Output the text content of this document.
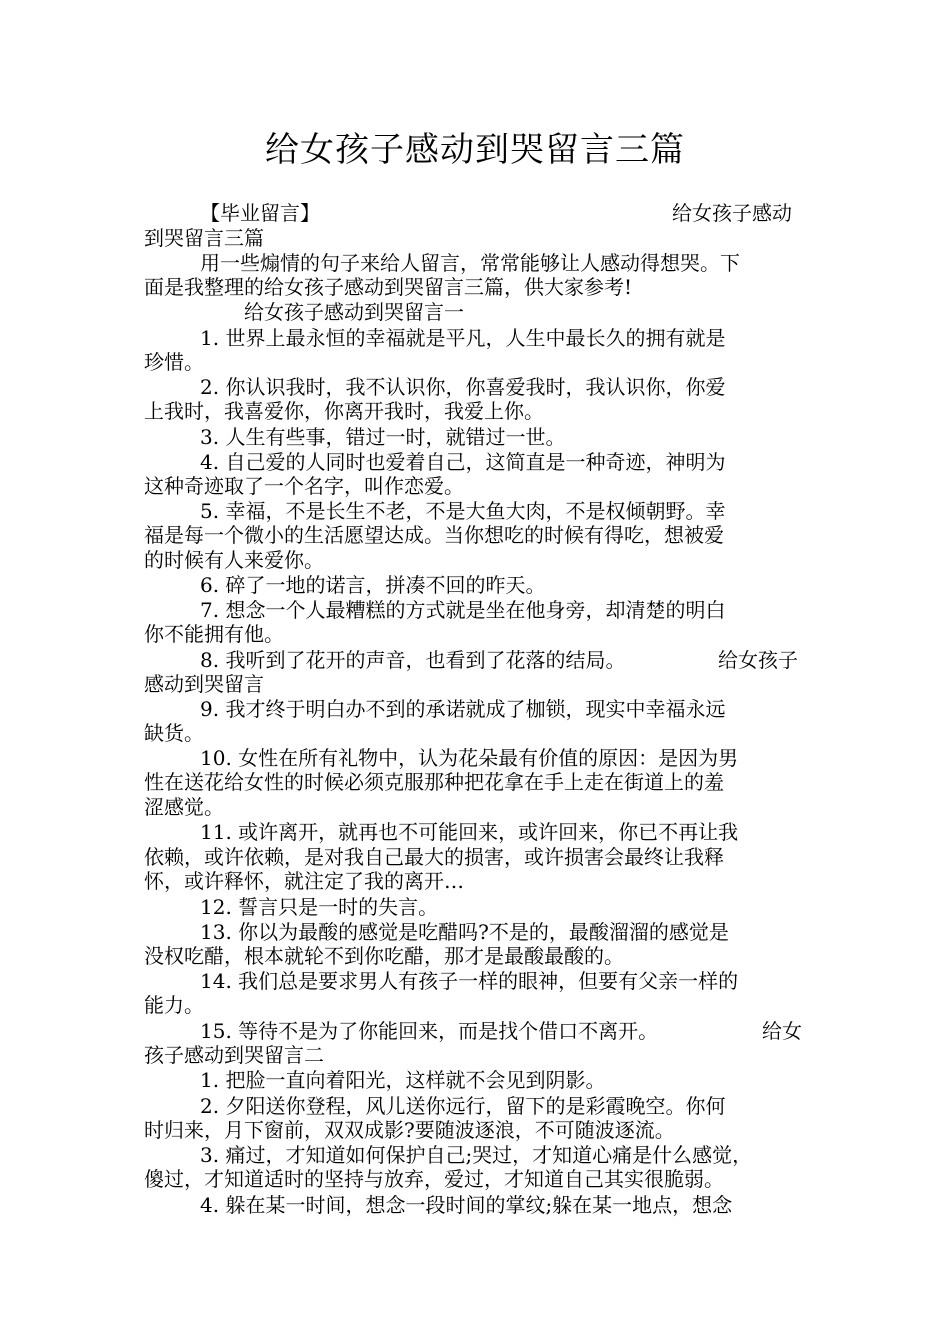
给女孩子感动到哭留言三篇
【毕业留言】	给女孩子感动
到哭留言三篇
用一些煽情的句子来给人留言，常常能够让人感动得想哭。下
面是我整理的给女孩子感动到哭留言三篇，供大家参考!
给女孩子感动到哭留言一
1. 世界上最永恒的幸福就是平凡，人生中最长久的拥有就是
珍惜。
2. 你认识我时，我不认识你，你喜爱我时，我认识你，你爱
上我时，我喜爱你，你离开我时，我爱上你。
3. 人生有些事，错过一时，就错过一世。
4. 自己爱的人同时也爱着自己，这简直是一种奇迹，神明为
这种奇迹取了一个名字，叫作恋爱。
5. 幸福，不是长生不老，不是大鱼大肉，不是权倾朝野。幸
福是每一个微小的生活愿望达成。当你想吃的时候有得吃，想被爱
的时候有人来爱你。
6. 碎了一地的诺言，拼凑不回的昨天。
7. 想念一个人最糟糕的方式就是坐在他身旁，却清楚的明白
你不能拥有他。
8. 我听到了花开的声音，也看到了花落的结局。	给女孩子
感动到哭留言
9. 我才终于明白办不到的承诺就成了枷锁，现实中幸福永远
缺货。
10. 女性在所有礼物中，认为花朵最有价值的原因：是因为男
性在送花给女性的时候必须克服那种把花拿在手上走在街道上的羞
涩感觉。
11. 或许离开，就再也不可能回来，或许回来，你已不再让我
依赖，或许依赖，是对我自己最大的损害，或许损害会最终让我释
怀，或许释怀，就注定了我的离开…
12. 誓言只是一时的失言。
13. 你以为最酸的感觉是吃醋吗?不是的，最酸溜溜的感觉是
没权吃醋，根本就轮不到你吃醋，那才是最酸最酸的。
14. 我们总是要求男人有孩子一样的眼神，但要有父亲一样的
能力。
15. 等待不是为了你能回来，而是找个借口不离开。	给女
孩子感动到哭留言二
1. 把脸一直向着阳光，这样就不会见到阴影。
2. 夕阳送你登程，风儿送你远行，留下的是彩霞晚空。你何
时归来，月下窗前，双双成影?要随波逐浪，不可随波逐流。
3. 痛过，才知道如何保护自己;哭过，才知道心痛是什么感觉，
傻过，才知道适时的坚持与放弃，爱过，才知道自己其实很脆弱。
4. 躲在某一时间，想念一段时间的掌纹;躲在某一地点，想念
